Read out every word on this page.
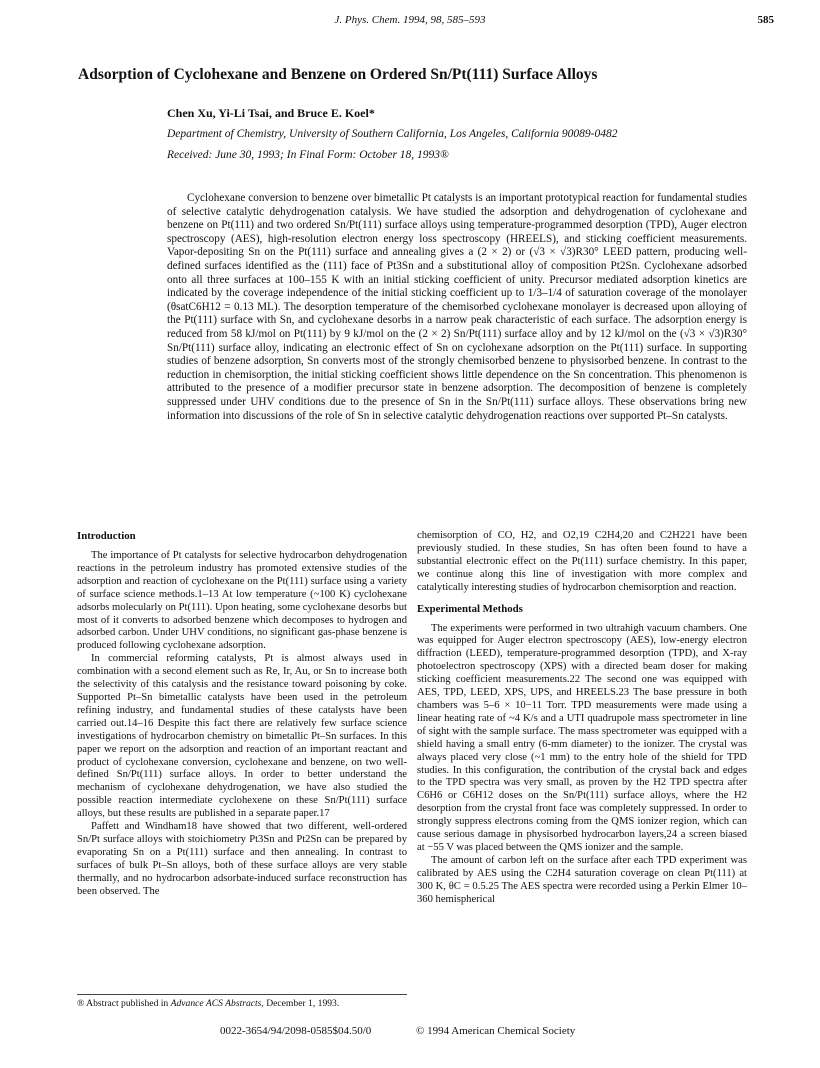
J. Phys. Chem. 1994, 98, 585–593	585
Adsorption of Cyclohexane and Benzene on Ordered Sn/Pt(111) Surface Alloys
Chen Xu, Yi-Li Tsai, and Bruce E. Koel*
Department of Chemistry, University of Southern California, Los Angeles, California 90089-0482
Received: June 30, 1993; In Final Form: October 18, 1993®

Cyclohexane conversion to benzene over bimetallic Pt catalysts is an important prototypical reaction for fundamental studies of selective catalytic dehydrogenation catalysis. We have studied the adsorption and dehydrogenation of cyclohexane and benzene on Pt(111) and two ordered Sn/Pt(111) surface alloys using temperature-programmed desorption (TPD), Auger electron spectroscopy (AES), high-resolution electron energy loss spectroscopy (HREELS), and sticking coefficient measurements. Vapor-depositing Sn on the Pt(111) surface and annealing gives a (2 × 2) or (√3 × √3)R30° LEED pattern, producing well-defined surfaces identified as the (111) face of Pt3Sn and a substitutional alloy of composition Pt2Sn. Cyclohexane adsorbed onto all three surfaces at 100–155 K with an initial sticking coefficient of unity. Precursor mediated adsorption kinetics are indicated by the coverage independence of the initial sticking coefficient up to 1/3–1/4 of saturation coverage of the monolayer (θsatC6H12 = 0.13 ML). The desorption temperature of the chemisorbed cyclohexane monolayer is decreased upon alloying of the Pt(111) surface with Sn, and cyclohexane desorbs in a narrow peak characteristic of each surface. The adsorption energy is reduced from 58 kJ/mol on Pt(111) by 9 kJ/mol on the (2 × 2) Sn/Pt(111) surface alloy and by 12 kJ/mol on the (√3 × √3)R30° Sn/Pt(111) surface alloy, indicating an electronic effect of Sn on cyclohexane adsorption on the Pt(111) surface. In supporting studies of benzene adsorption, Sn converts most of the strongly chemisorbed benzene to physisorbed benzene. In contrast to the reduction in chemisorption, the initial sticking coefficient shows little dependence on the Sn concentration. This phenomenon is attributed to the presence of a modifier precursor state in benzene adsorption. The decomposition of benzene is completely suppressed under UHV conditions due to the presence of Sn in the Sn/Pt(111) surface alloys. These observations bring new information into discussions of the role of Sn in selective catalytic dehydrogenation reactions over supported Pt–Sn catalysts.

Introduction

The importance of Pt catalysts for selective hydrocarbon dehydrogenation reactions in the petroleum industry has promoted extensive studies of the adsorption and reaction of cyclohexane on the Pt(111) surface using a variety of surface science methods.1–13 At low temperature (~100 K) cyclohexane adsorbs molecularly on Pt(111). Upon heating, some cyclohexane desorbs but most of it converts to adsorbed benzene which decomposes to hydrogen and adsorbed carbon. Under UHV conditions, no significant gas-phase benzene is produced following cyclohexane adsorption.

In commercial reforming catalysts, Pt is almost always used in combination with a second element such as Re, Ir, Au, or Sn to increase both the selectivity of this catalysis and the resistance toward poisoning by coke. Supported Pt–Sn bimetallic catalysts have been used in the petroleum refining industry, and fundamental studies of these catalysts have been carried out.14–16 Despite this fact there are relatively few surface science investigations of hydrocarbon chemistry on bimetallic Pt–Sn surfaces. In this paper we report on the adsorption and reaction of an important reactant and product of cyclohexane conversion, cyclohexane and benzene, on two well-defined Sn/Pt(111) surface alloys. In order to better understand the mechanism of cyclohexane dehydrogenation, we have also studied the possible reaction intermediate cyclohexene on these Sn/Pt(111) surface alloys, but these results are published in a separate paper.17

Paffett and Windham18 have showed that two different, well-ordered Sn/Pt surface alloys with stoichiometry Pt3Sn and Pt2Sn can be prepared by evaporating Sn on a Pt(111) surface and then annealing. In contrast to surfaces of bulk Pt–Sn alloys, both of these surface alloys are very stable thermally, and no hydrocarbon adsorbate-induced surface reconstruction has been observed. The

chemisorption of CO, H2, and O2,19 C2H4,20 and C2H221 have been previously studied. In these studies, Sn has often been found to have a substantial electronic effect on the Pt(111) surface chemistry. In this paper, we continue along this line of investigation with more complex and catalytically interesting studies of hydrocarbon chemisorption and reaction.

Experimental Methods

The experiments were performed in two ultrahigh vacuum chambers. One was equipped for Auger electron spectroscopy (AES), low-energy electron diffraction (LEED), temperature-programmed desorption (TPD), and X-ray photoelectron spectroscopy (XPS) with a directed beam doser for making sticking coefficient measurements.22 The second one was equipped with AES, TPD, LEED, XPS, UPS, and HREELS.23 The base pressure in both chambers was 5–6 × 10−11 Torr. TPD measurements were made using a linear heating rate of ~4 K/s and a UTI quadrupole mass spectrometer in line of sight with the sample surface. The mass spectrometer was equipped with a shield having a small entry (6-mm diameter) to the ionizer. The crystal was always placed very close (~1 mm) to the entry hole of the shield for TPD studies. In this configuration, the contribution of the crystal back and edges to the TPD spectra was very small, as proven by the H2 TPD spectra after C6H6 or C6H12 doses on the Sn/Pt(111) surface alloys, where the H2 desorption from the crystal front face was completely suppressed. In order to strongly suppress electrons coming from the QMS ionizer region, which can cause serious damage in physisorbed hydrocarbon layers,24 a screen biased at −55 V was placed between the QMS ionizer and the sample.

The amount of carbon left on the surface after each TPD experiment was calibrated by AES using the C2H4 saturation coverage on clean Pt(111) at 300 K, θC = 0.5.25 The AES spectra were recorded using a Perkin Elmer 10–360 hemispherical

® Abstract published in Advance ACS Abstracts, December 1, 1993.
0022-3654/94/2098-0585$04.50/0	© 1994 American Chemical Society
